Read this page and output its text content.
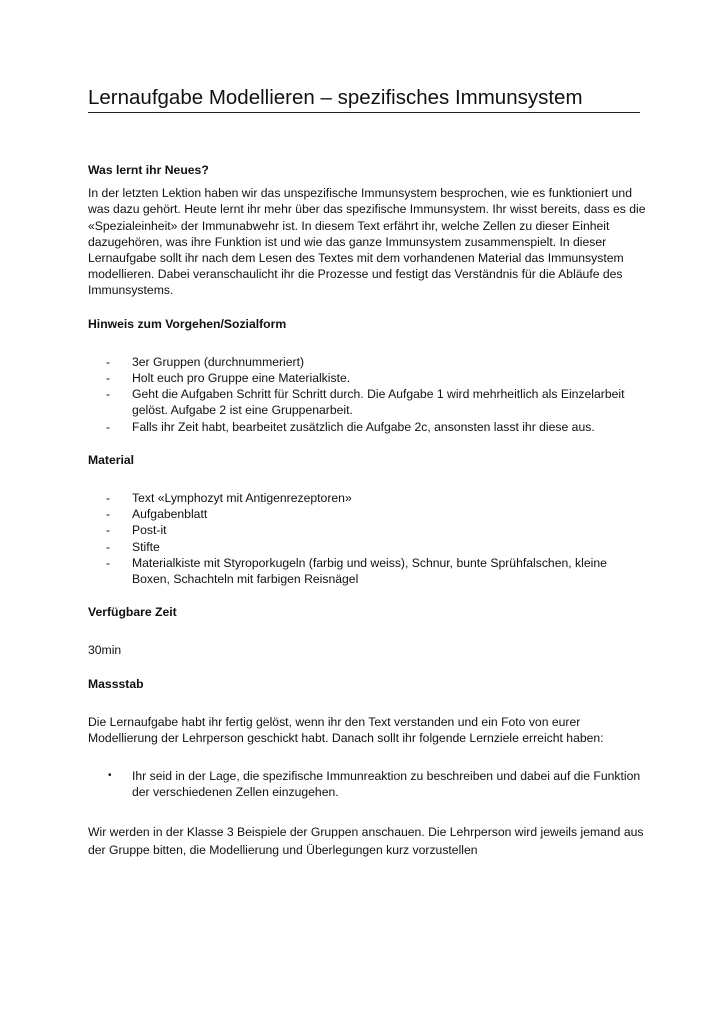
Lernaufgabe Modellieren – spezifisches Immunsystem

Was lernt ihr Neues?

In der letzten Lektion haben wir das unspezifische Immunsystem besprochen, wie es funktioniert und was dazu gehört. Heute lernt ihr mehr über das spezifische Immunsystem. Ihr wisst bereits, dass es die «Spezialeinheit» der Immunabwehr ist. In diesem Text erfährt ihr, welche Zellen zu dieser Einheit dazugehören, was ihre Funktion ist und wie das ganze Immunsystem zusammenspielt. In dieser Lernaufgabe sollt ihr nach dem Lesen des Textes mit dem vorhandenen Material das Immunsystem modellieren. Dabei veranschaulicht ihr die Prozesse und festigt das Verständnis für die Abläufe des Immunsystems.

Hinweis zum Vorgehen/Sozialform

- 3er Gruppen (durchnummeriert)
- Holt euch pro Gruppe eine Materialkiste.
- Geht die Aufgaben Schritt für Schritt durch. Die Aufgabe 1 wird mehrheitlich als Einzelarbeit gelöst. Aufgabe 2 ist eine Gruppenarbeit.
- Falls ihr Zeit habt, bearbeitet zusätzlich die Aufgabe 2c, ansonsten lasst ihr diese aus.

Material

- Text «Lymphozyt mit Antigenrezeptoren»
- Aufgabenblatt
- Post-it
- Stifte
- Materialkiste mit Styroporkugeln (farbig und weiss), Schnur, bunte Sprühfalschen, kleine Boxen, Schachteln mit farbigen Reisnägel

Verfügbare Zeit

30min

Massstab

Die Lernaufgabe habt ihr fertig gelöst, wenn ihr den Text verstanden und ein Foto von eurer Modellierung der Lehrperson geschickt habt. Danach sollt ihr folgende Lernziele erreicht haben:

• Ihr seid in der Lage, die spezifische Immunreaktion zu beschreiben und dabei auf die Funktion der verschiedenen Zellen einzugehen.

Wir werden in der Klasse 3 Beispiele der Gruppen anschauen. Die Lehrperson wird jeweils jemand aus der Gruppe bitten, die Modellierung und Überlegungen kurz vorzustellen
